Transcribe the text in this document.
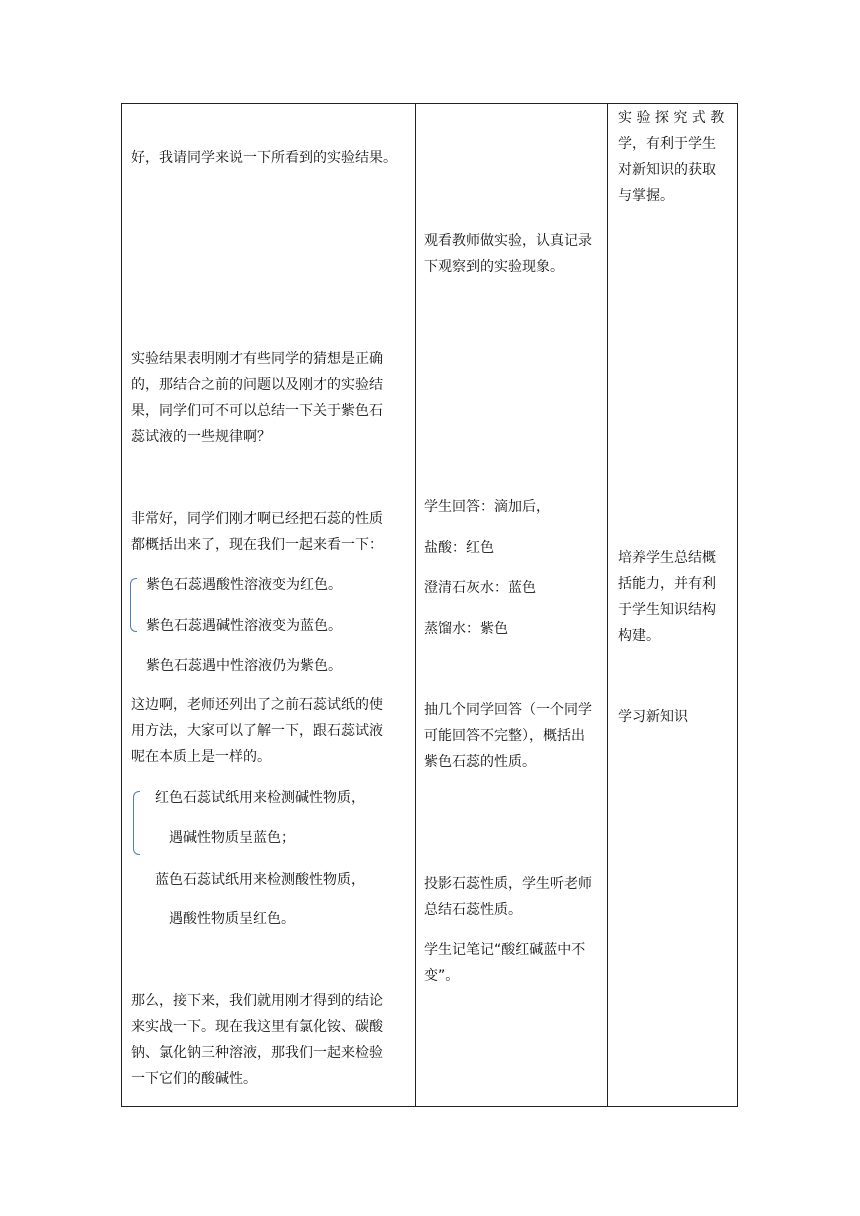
好，我请同学来说一下所看到的实验结果。
实验结果表明刚才有些同学的猜想是正确
的，那结合之前的问题以及刚才的实验结
果，同学们可不可以总结一下关于紫色石
蕊试液的一些规律啊？
非常好，同学们刚才啊已经把石蕊的性质
都概括出来了，现在我们一起来看一下：
紫色石蕊遇酸性溶液变为红色。
紫色石蕊遇碱性溶液变为蓝色。
紫色石蕊遇中性溶液仍为紫色。
这边啊，老师还列出了之前石蕊试纸的使
用方法，大家可以了解一下，跟石蕊试液
呢在本质上是一样的。
红色石蕊试纸用来检测碱性物质，
遇碱性物质呈蓝色；
蓝色石蕊试纸用来检测酸性物质，
遇酸性物质呈红色。
那么，接下来，我们就用刚才得到的结论
来实战一下。现在我这里有氯化铵、碳酸
钠、氯化钠三种溶液，那我们一起来检验
一下它们的酸碱性。
观看教师做实验，认真记录
下观察到的实验现象。
学生回答：滴加后，
盐酸：红色
澄清石灰水：蓝色
蒸馏水：紫色
抽几个同学回答（一个同学
可能回答不完整），概括出
紫色石蕊的性质。
投影石蕊性质，学生听老师
总结石蕊性质。
学生记笔记“酸红碱蓝中不
变”。
实 验 探 究 式 教
学，有利于学生
对新知识的获取
与掌握。
培养学生总结概
括能力，并有利
于学生知识结构
构建。
学习新知识
